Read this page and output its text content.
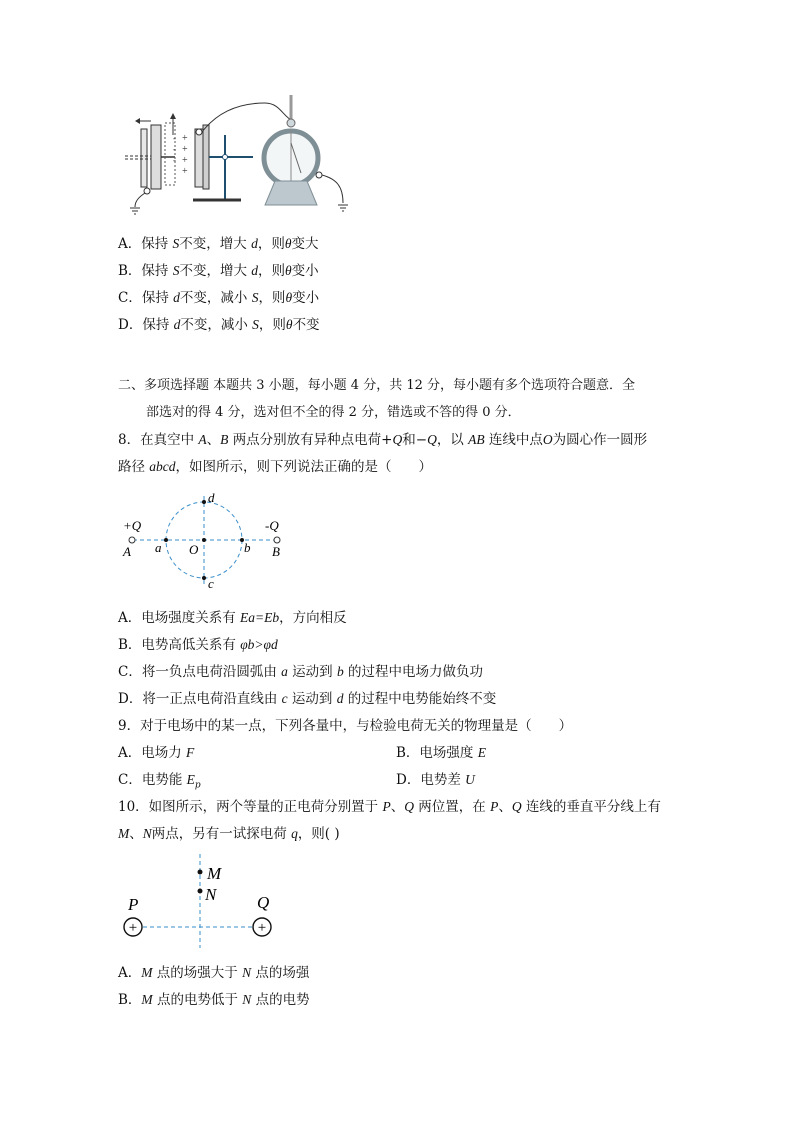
+
+
+
+
-
-
-
A．保持 S不变，增大 d，则θ变大
B．保持 S不变，增大 d，则θ变小
C．保持 d不变，减小 S，则θ变小
D．保持 d不变，减小 S，则θ不变
二、多项选择题 本题共 3 小题，每小题 4 分，共 12 分，每小题有多个选项符合题意．全
部选对的得 4 分，选对但不全的得 2 分，错选或不答的得 0 分．
8．在真空中 A、B 两点分别放有异种点电荷+Q和−Q，以 AB 连线中点O为圆心作一圆形
路径 abcd，如图所示，则下列说法正确的是（　　）
+Q	-Q
A	B
a	b
O
d
c
A．电场强度关系有 Ea=Eb，方向相反
B．电势高低关系有 φb>φd
C．将一负点电荷沿圆弧由 a 运动到 b 的过程中电场力做负功
D．将一正点电荷沿直线由 c 运动到 d 的过程中电势能始终不变
9．对于电场中的某一点，下列各量中，与检验电荷无关的物理量是（　　）
A．电场力 F	B．电场强度 E
C．电势能 $E_p$	D．电势差 U
10．如图所示，两个等量的正电荷分别置于 P、Q 两位置，在 P、Q 连线的垂直平分线上有
M、N两点，另有一试探电荷 q，则( )
M
N
P	Q
+	+
A．M 点的场强大于 N 点的场强
B．M 点的电势低于 N 点的电势
